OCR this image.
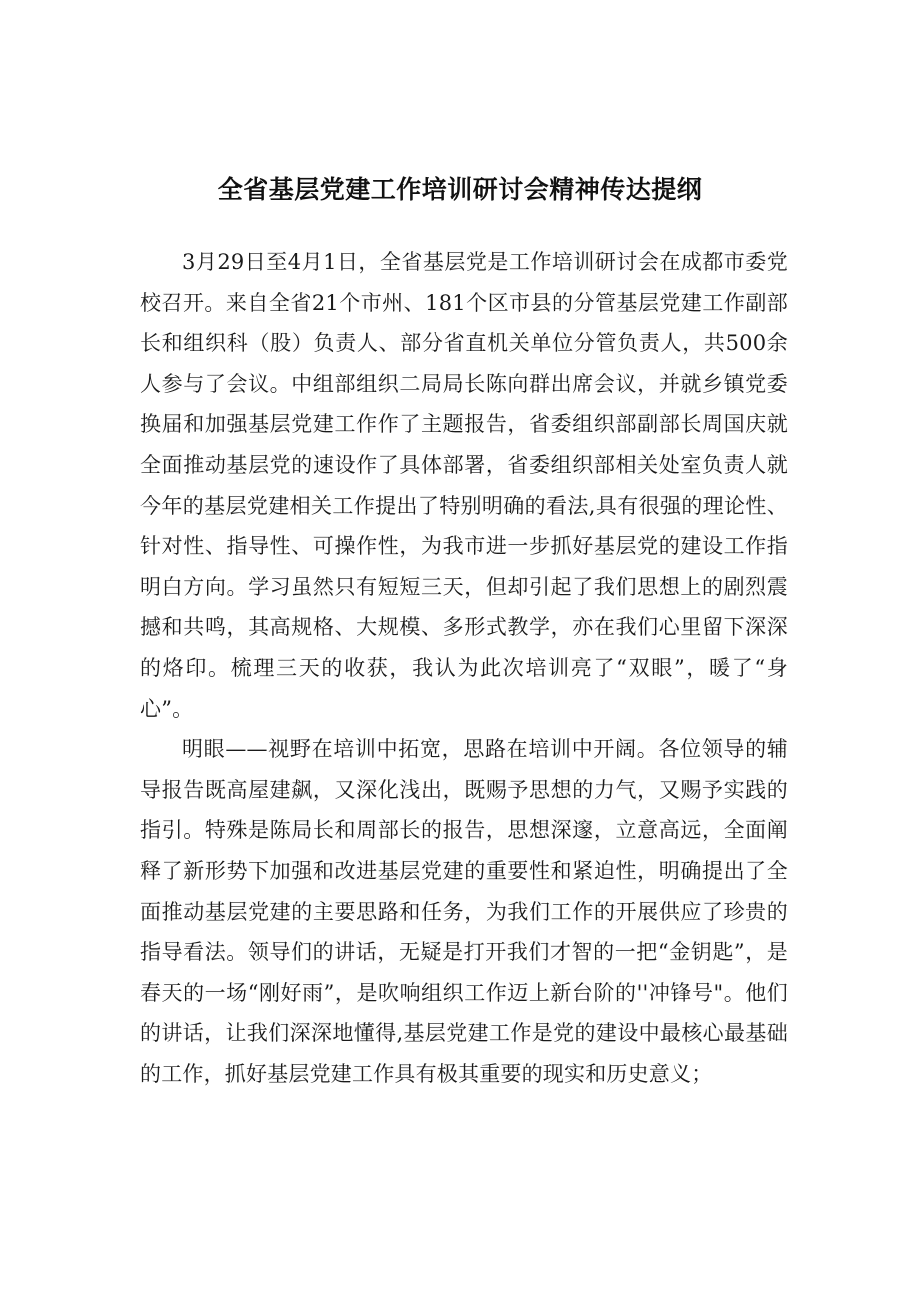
全省基层党建工作培训研讨会精神传达提纲

3月29日至4月1日，全省基层党是工作培训研讨会在成都市委党校召开。来自全省21个市州、181个区市县的分管基层党建工作副部长和组织科（股）负责人、部分省直机关单位分管负责人，共500余人参与了会议。中组部组织二局局长陈向群出席会议，并就乡镇党委换届和加强基层党建工作作了主题报告，省委组织部副部长周国庆就全面推动基层党的速设作了具体部署，省委组织部相关处室负责人就今年的基层党建相关工作提出了特别明确的看法,具有很强的理论性、针对性、指导性、可操作性，为我市进一步抓好基层党的建设工作指明白方向。学习虽然只有短短三天，但却引起了我们思想上的剧烈震撼和共鸣，其高规格、大规模、多形式教学，亦在我们心里留下深深的烙印。梳理三天的收获，我认为此次培训亮了“双眼”，暖了“身心”。

明眼——视野在培训中拓宽，思路在培训中开阔。各位领导的辅导报告既高屋建飙，又深化浅出，既赐予思想的力气，又赐予实践的指引。特殊是陈局长和周部长的报告，思想深邃，立意高远，全面阐释了新形势下加强和改进基层党建的重要性和紧迫性，明确提出了全面推动基层党建的主要思路和任务，为我们工作的开展供应了珍贵的指导看法。领导们的讲话，无疑是打开我们才智的一把“金钥匙”，是春天的一场“刚好雨”，是吹响组织工作迈上新台阶的''冲锋号"。他们的讲话，让我们深深地懂得,基层党建工作是党的建设中最核心最基础的工作，抓好基层党建工作具有极其重要的现实和历史意义；
